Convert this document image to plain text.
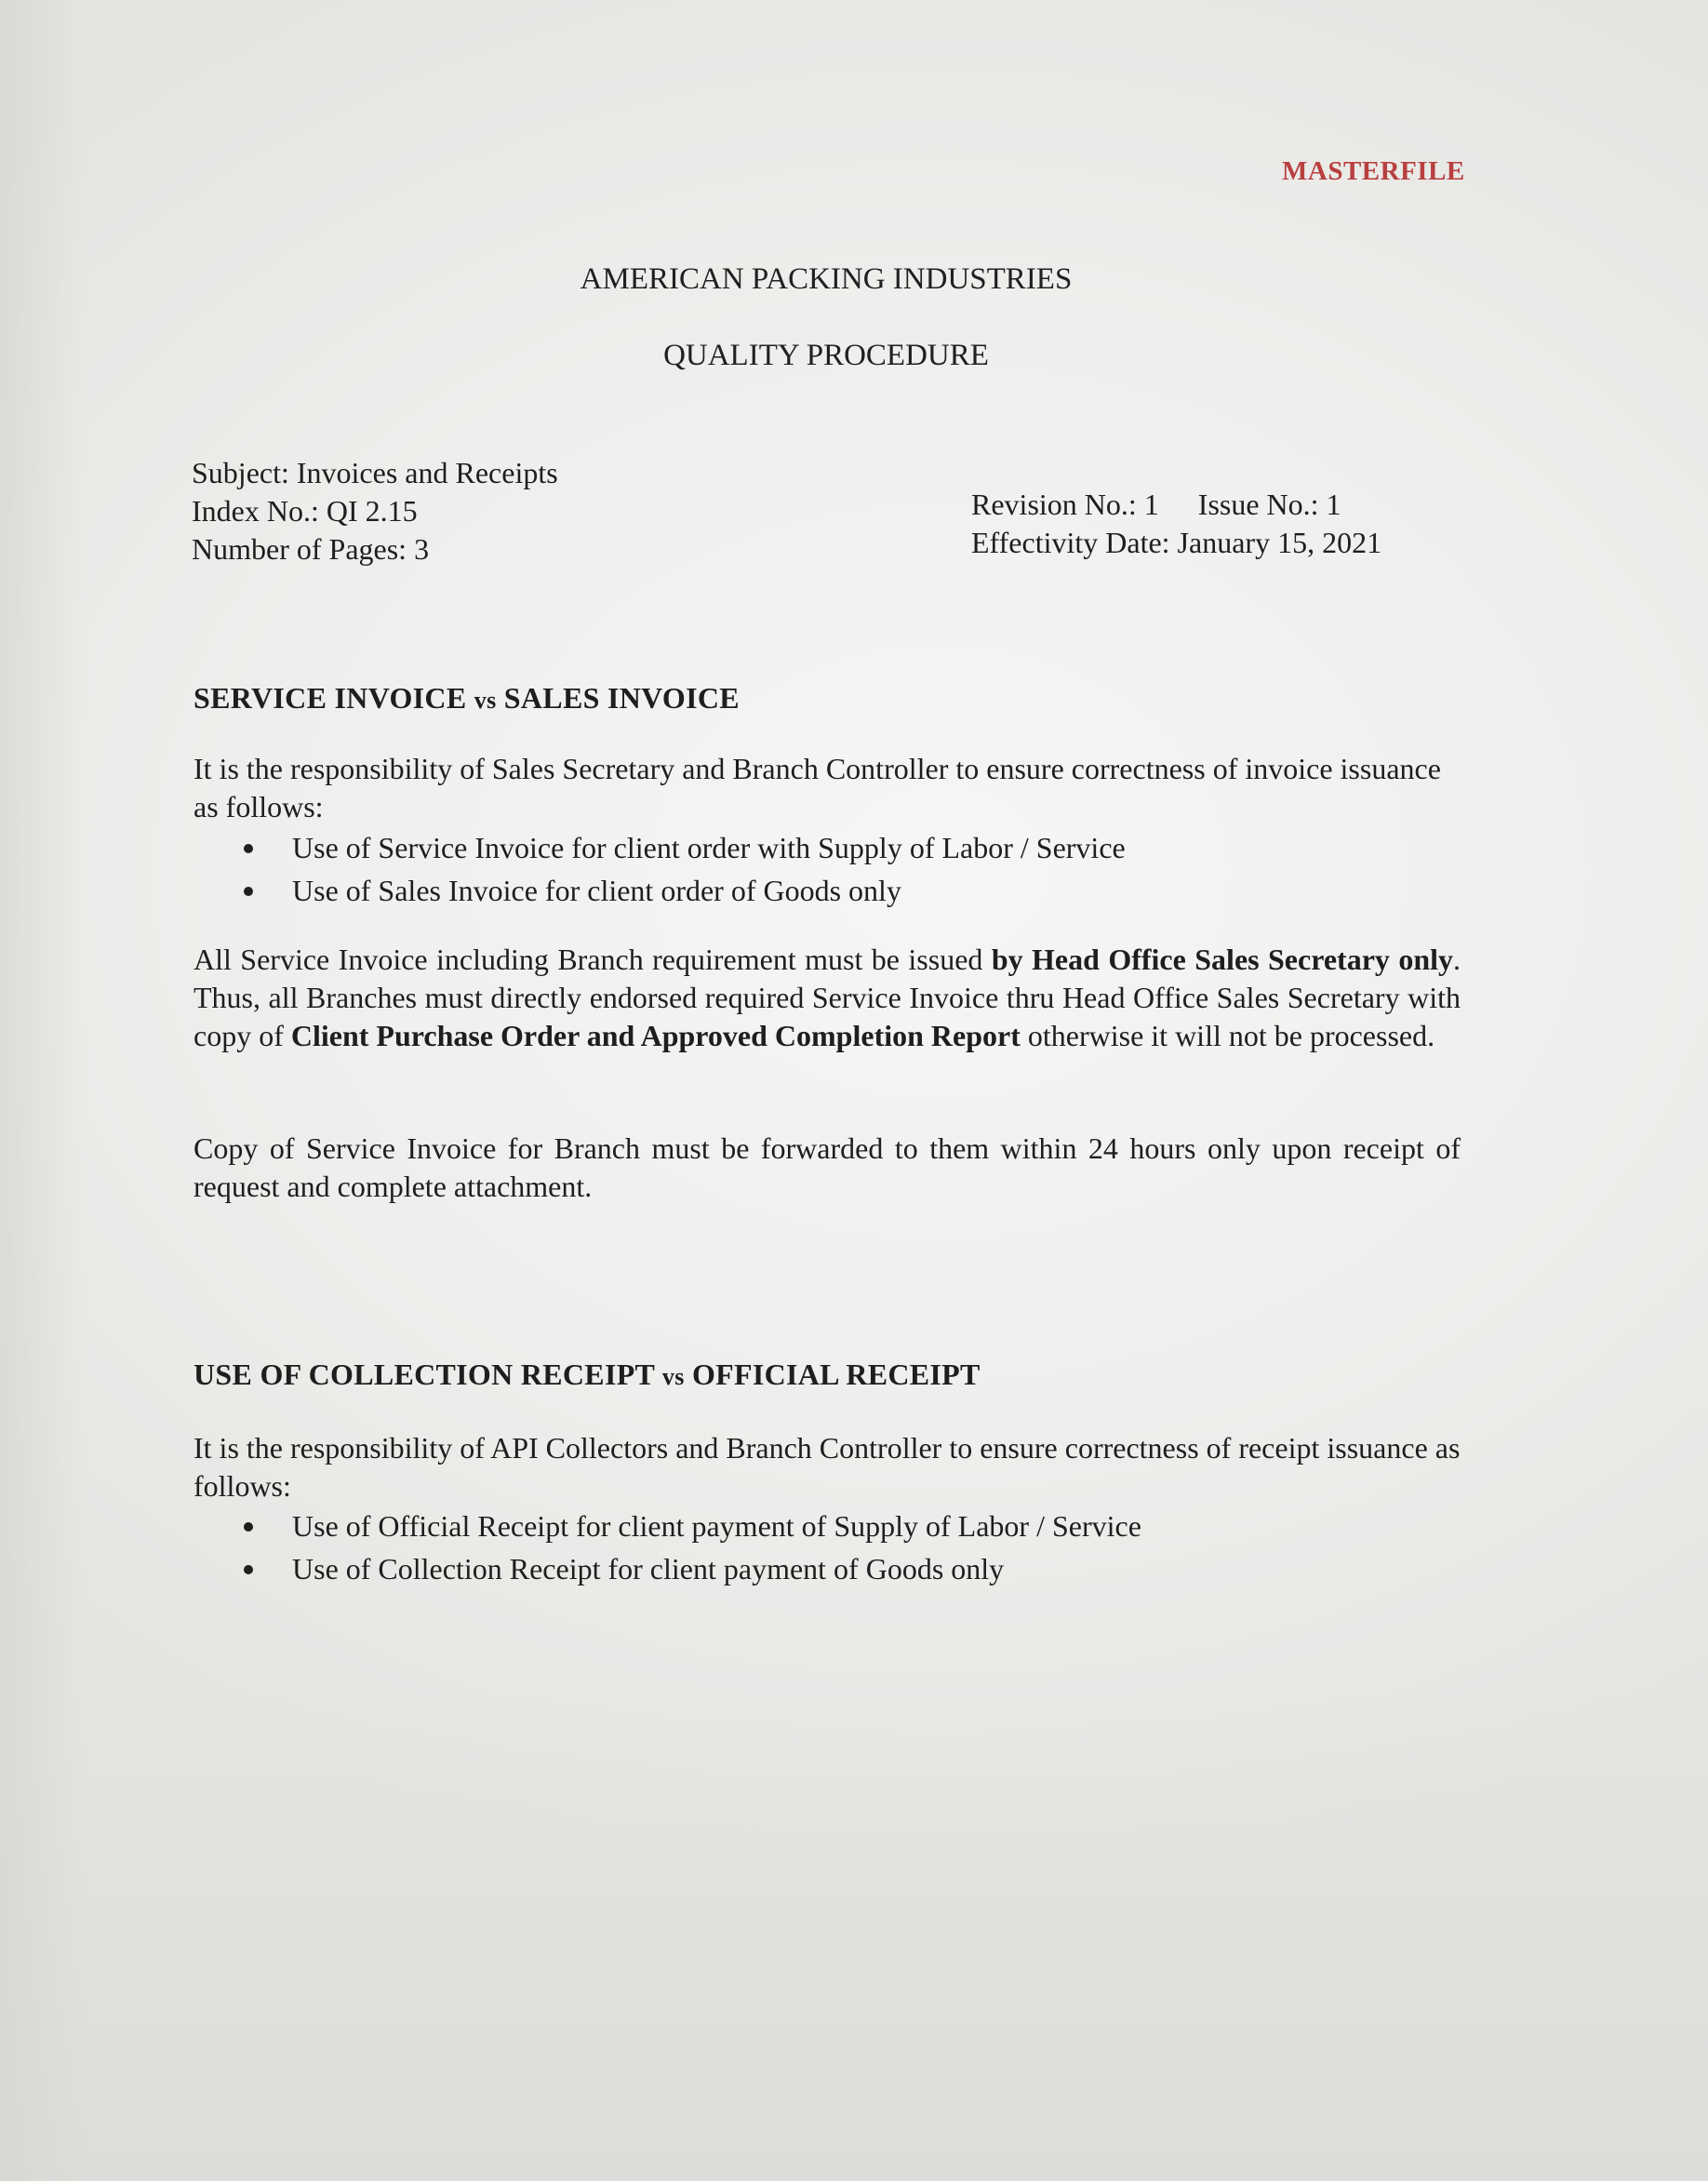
MASTERFILE
AMERICAN PACKING INDUSTRIES
QUALITY PROCEDURE
Subject: Invoices and Receipts
Index No.: QI 2.15
Number of Pages: 3
Revision No.: 1 Issue No.: 1
Effectivity Date: January 15, 2021
SERVICE INVOICE vs SALES INVOICE
It is the responsibility of Sales Secretary and Branch Controller to ensure correctness of invoice issuance as follows:
Use of Service Invoice for client order with Supply of Labor / Service
Use of Sales Invoice for client order of Goods only
All Service Invoice including Branch requirement must be issued by Head Office Sales Secretary only. Thus, all Branches must directly endorsed required Service Invoice thru Head Office Sales Secretary with copy of Client Purchase Order and Approved Completion Report otherwise it will not be processed.
Copy of Service Invoice for Branch must be forwarded to them within 24 hours only upon receipt of request and complete attachment.
USE OF COLLECTION RECEIPT vs OFFICIAL RECEIPT
It is the responsibility of API Collectors and Branch Controller to ensure correctness of receipt issuance as follows:
Use of Official Receipt for client payment of Supply of Labor / Service
Use of Collection Receipt for client payment of Goods only
